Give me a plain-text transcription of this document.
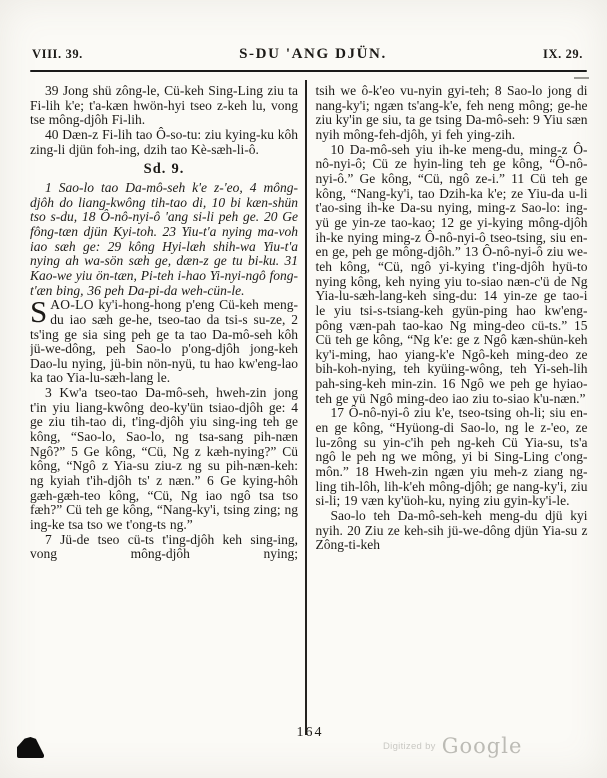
VIII. 39.	S-DU 'ANG DJÜN.	IX. 29.

39 Jong shü zông-le, Cü-keh Sing-Ling ziu ta Fi-lih k'e; t'a-kæn hwön-hyi tseo z-keh lu, vong tse mông-djôh Fi-lih.

40 Dæn-z Fi-lih tao Ô-so-tu: ziu kying-ku kôh zing-li djün foh-ing, dzih tao Kè-sæh-li-ô.

Sd. 9.

1 Sao-lo tao Da-mô-seh k'e z-'eo, 4 mông-djôh do liang-kwông tih-tao di, 10 bi kæn-shün tso s-du, 18 Ô-nô-nyi-ô 'ang si-li peh ge. 20 Ge fông-tæn djün Kyi-toh. 23 Yiu-t'a nying ma-voh iao sæh ge: 29 kông Hyi-læh shih-wa Yiu-t'a nying ah wa-sön sæh ge, dæn-z ge tu bi-ku. 31 Kao-we yiu ön-tæn, Pi-teh i-hao Yi-nyi-ngô fong-t'æn bing, 36 peh Da-pi-da weh-cün-le.

SAO-LO ky'i-hong-hong p'eng Cü-keh meng-du iao sæh ge-he, tseo-tao da tsi-s su-ze, 2 ts'ing ge sia sing peh ge ta tao Da-mô-seh kôh jü-we-dông, peh Sao-lo p'ong-djôh jong-keh Dao-lu nying, jü-bin nön-nyü, tu hao kw'eng-lao ka tao Yia-lu-sæh-lang le.

3 Kw'a tseo-tao Da-mô-seh, hweh-zin jong t'in yiu liang-kwông deo-ky'ün tsiao-djôh ge: 4 ge ziu tih-tao di, t'ing-djôh yiu sing-ing teh ge kông, “Sao-lo, Sao-lo, ng tsa-sang pih-næn Ngô?” 5 Ge kông, “Cü, Ng z kæh-nying?” Cü kông, “Ngô z Yia-su ziu-z ng su pih-næn-keh: ng kyiah t'ih-djôh ts' z næn.” 6 Ge kying-hôh gæh-gæh-teo kông, “Cü, Ng iao ngô tsa tso fæh?” Cü teh ge kông, “Nang-ky'i, tsing zing; ng ing-ke tsa tso we t'ong-ts ng.”

7 Jü-de tseo cü-ts t'ing-djôh keh sing-ing, vong mông-djôh nying;

tsih we ô-k'eo vu-nyin gyi-teh; 8 Sao-lo jong di nang-ky'i; ngæn ts'ang-k'e, feh neng mông; ge-he ziu ky'in ge siu, ta ge tsing Da-mô-seh: 9 Yiu sæn nyih mông-feh-djôh, yi feh ying-zih.

10 Da-mô-seh yiu ih-ke meng-du, ming-z Ô-nô-nyi-ô; Cü ze hyin-ling teh ge kông, “Ô-nô-nyi-ô.” Ge kông, “Cü, ngô ze-i.” 11 Cü teh ge kông, “Nang-ky'i, tao Dzih-ka k'e; ze Yiu-da u-li t'ao-sing ih-ke Da-su nying, ming-z Sao-lo: ing-yü ge yin-ze tao-kao; 12 ge yi-kying mông-djôh ih-ke nying ming-z Ô-nô-nyi-ô tseo-tsing, siu en-en ge, peh ge mông-djôh.” 13 Ô-nô-nyi-ô ziu we-teh kông, “Cü, ngô yi-kying t'ing-djôh hyü-to nying kông, keh nying yiu to-siao næn-c'ü de Ng Yia-lu-sæh-lang-keh sing-du: 14 yin-ze ge tao-i le yiu tsi-s-tsiang-keh gyün-ping hao kw'eng-pông væn-pah tao-kao Ng ming-deo cü-ts.” 15 Cü teh ge kông, “Ng k'e: ge z Ngô kæn-shün-keh ky'i-ming, hao yiang-k'e Ngô-keh ming-deo ze bih-koh-nying, teh kyüing-wông, teh Yi-seh-lih pah-sing-keh min-zin. 16 Ngô we peh ge hyiao-teh ge yü Ngô ming-deo iao ziu to-siao k'u-næn.”

17 Ô-nô-nyi-ô ziu k'e, tseo-tsing oh-li; siu en-en ge kông, “Hyüong-di Sao-lo, ng le z-'eo, ze lu-zông su yin-c'ih peh ng-keh Cü Yia-su, ts'a ngô le peh ng we mông, yi bi Sing-Ling c'ong-môn.” 18 Hweh-zin ngæn yiu meh-z ziang ng-ling tih-lôh, lih-k'eh mông-djôh; ge nang-ky'i, ziu si-li; 19 væn ky'üoh-ku, nying ziu gyin-ky'i-le.

Sao-lo teh Da-mô-seh-keh meng-du djü kyi nyih. 20 Ziu ze keh-sih jü-we-dông djün Yia-su z Zông-ti-keh

164
Digitized by Google
